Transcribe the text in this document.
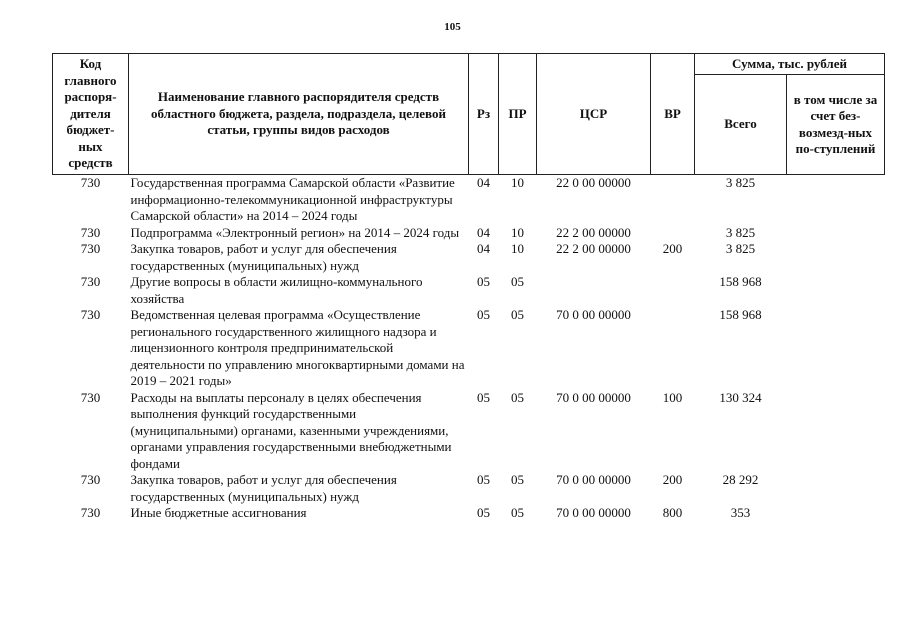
105
Код главного распоря-дителя бюджет-ных средств	Наименование главного распорядителя средств областного бюджета, раздела, подраздела, целевой статьи, группы видов расходов	Рз	ПР	ЦСР	ВР	Сумма, тыс. рублей	
						Всего	в том числе за счет без-возмезд-ных по-ступлений
730	Государственная программа Самарской области «Развитие информационно-телекоммуникационной инфраструктуры Самарской области» на 2014 – 2024 годы	04	10	22 0 00 00000		3 825	
730	Подпрограмма «Электронный регион» на 2014 – 2024 годы	04	10	22 2 00 00000		3 825	
730	Закупка товаров, работ и услуг для обеспечения государственных (муниципальных) нужд	04	10	22 2 00 00000	200	3 825	
730	Другие вопросы в области жилищно-коммунального хозяйства	05	05			158 968	
730	Ведомственная целевая программа «Осуществление регионального государственного жилищного надзора и лицензионного контроля предпринимательской деятельности по управлению многоквартирными домами на 2019 – 2021 годы»	05	05	70 0 00 00000		158 968	
730	Расходы на выплаты персоналу в целях обеспечения выполнения функций государственными (муниципальными) органами, казенными учреждениями, органами управления государственными внебюджетными фондами	05	05	70 0 00 00000	100	130 324	
730	Закупка товаров, работ и услуг для обеспечения государственных (муниципальных) нужд	05	05	70 0 00 00000	200	28 292	
730	Иные бюджетные ассигнования	05	05	70 0 00 00000	800	353	
